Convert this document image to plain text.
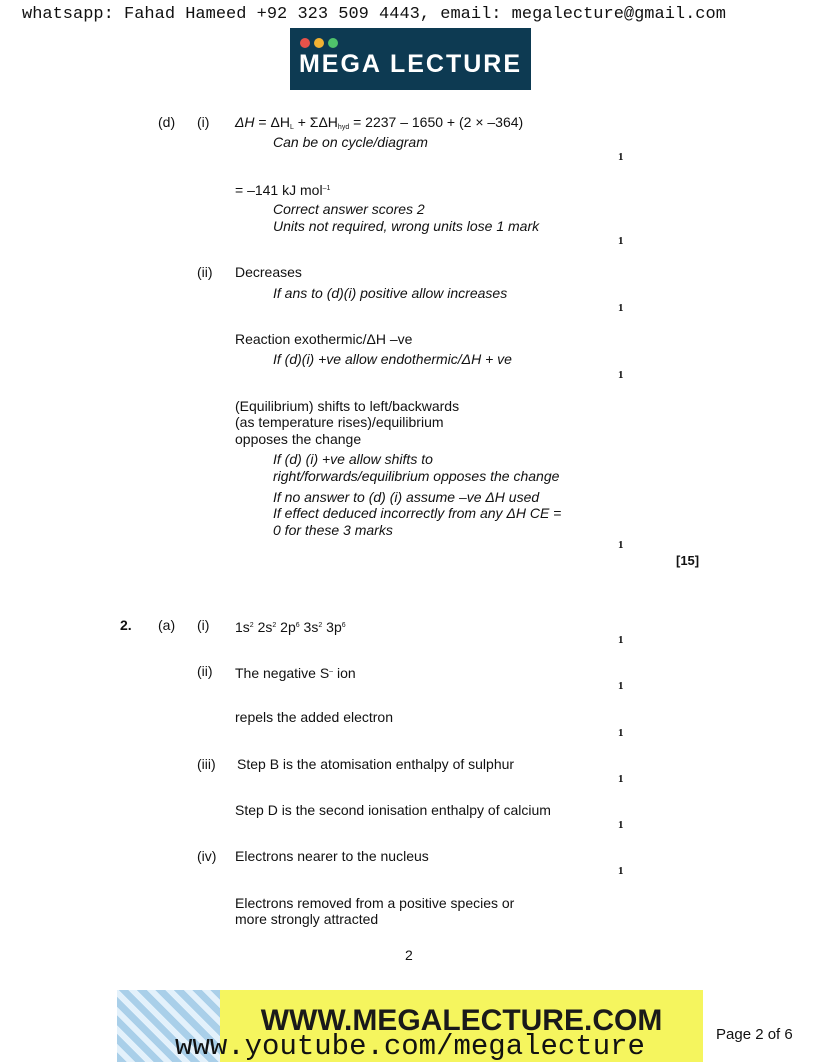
whatsapp: Fahad Hameed +92 323 509 4443, email: megalecture@gmail.com
MEGA LECTURE
(d) (i) $\Delta H = \Delta H_L + \Sigma\Delta H_{hyd} = 2237 - 1650 + (2 \times -364)$
Can be on cycle/diagram
1
= –141 kJ mol$^{-1}$
Correct answer scores 2
Units not required, wrong units lose 1 mark
1
(ii) Decreases
If ans to (d)(i) positive allow increases
1
Reaction exothermic/ΔH –ve
If (d)(i) +ve allow endothermic/ΔH + ve
1
(Equilibrium) shifts to left/backwards
(as temperature rises)/equilibrium
opposes the change
If (d) (i) +ve allow shifts to
right/forwards/equilibrium opposes the change
If no answer to (d) (i) assume –ve ΔH used
If effect deduced incorrectly from any ΔH CE =
0 for these 3 marks
1
[15]
2. (a) (i) $1s^2$ $2s^2$ $2p^6$ $3s^2$ $3p^6$
1
(ii) The negative S– ion
1
repels the added electron
1
(iii) Step B is the atomisation enthalpy of sulphur
1
Step D is the second ionisation enthalpy of calcium
1
(iv) Electrons nearer to the nucleus
1
Electrons removed from a positive species or
more strongly attracted
2
WWW.MEGALECTURE.COM
www.youtube.com/megalecture	Page 2 of 6
